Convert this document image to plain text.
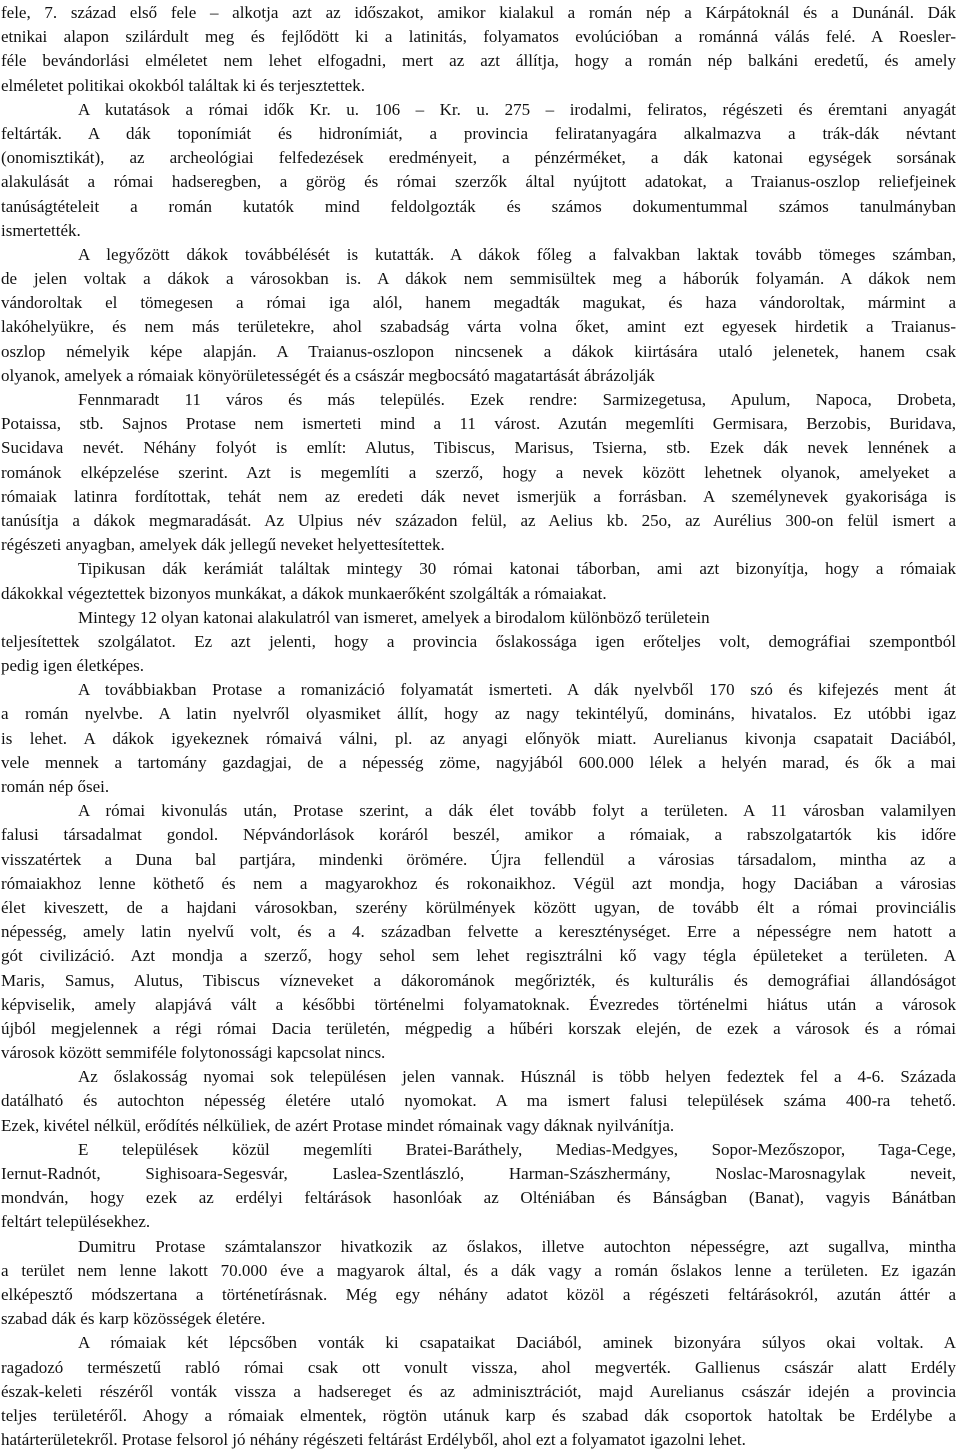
fele, 7. század első fele – alkotja azt az időszakot, amikor kialakul a román nép a Kárpátoknál és a Dunánál. Dák
etnikai alapon szilárdult meg és fejlődött ki a latinitás, folyamatos evolúcióban a románná válás felé. A Roesler-
féle bevándorlási elméletet nem lehet elfogadni, mert az azt állítja, hogy a román nép balkáni eredetű, és amely
elméletet politikai okokból találtak ki és terjesztettek.
A kutatások a római idők Kr. u. 106 – Kr. u. 275 – irodalmi, feliratos, régészeti és éremtani anyagát
feltárták. A dák toponímiát és hidronímiát, a provincia feliratanyagára alkalmazva a trák-dák névtant
(onomisztikát), az archeológiai felfedezések eredményeit, a pénzérméket, a dák katonai egységek sorsának
alakulását a római hadseregben, a görög és római szerzők által nyújtott adatokat, a Traianus-oszlop reliefjeinek
tanúságtételeit a román kutatók mind feldolgozták és számos dokumentummal számos tanulmányban
ismertették.
A legyőzött dákok továbbélését is kutatták. A dákok főleg a falvakban laktak tovább tömeges számban,
de jelen voltak a dákok a városokban is. A dákok nem semmisültek meg a háborúk folyamán. A dákok nem
vándoroltak el tömegesen a római iga alól, hanem megadták magukat, és haza vándoroltak, mármint a
lakóhelyükre, és nem más területekre, ahol szabadság várta volna őket, amint ezt egyesek hirdetik a Traianus-
oszlop némelyik képe alapján. A Traianus-oszlopon nincsenek a dákok kiirtására utaló jelenetek, hanem csak
olyanok, amelyek a rómaiak könyörületességét és a császár megbocsátó magatartását ábrázolják
Fennmaradt 11 város és más település. Ezek rendre: Sarmizegetusa, Apulum, Napoca, Drobeta,
Potaissa, stb. Sajnos Protase nem ismerteti mind a 11 várost. Azután megemlíti Germisara, Berzobis, Buridava,
Sucidava nevét. Néhány folyót is említ: Alutus, Tibiscus, Marisus, Tsierna, stb. Ezek dák nevek lennének a
románok elképzelése szerint. Azt is megemlíti a szerző, hogy a nevek között lehetnek olyanok, amelyeket a
rómaiak latinra fordítottak, tehát nem az eredeti dák nevet ismerjük a forrásban. A személynevek gyakorisága is
tanúsítja a dákok megmaradását. Az Ulpius név századon felül, az Aelius kb. 25o, az Aurélius 300-on felül ismert a
régészeti anyagban, amelyek dák jellegű neveket helyettesítettek.
Tipikusan dák kerámiát találtak mintegy 30 római katonai táborban, ami azt bizonyítja, hogy a rómaiak
dákokkal végeztettek bizonyos munkákat, a dákok munkaerőként szolgálták a rómaiakat.
Mintegy 12 olyan katonai alakulatról van ismeret, amelyek a birodalom különböző területein
teljesítettek szolgálatot. Ez azt jelenti, hogy a provincia őslakossága igen erőteljes volt, demográfiai szempontból
pedig igen életképes.
A továbbiakban Protase a romanizáció folyamatát ismerteti. A dák nyelvből 170 szó és kifejezés ment át
a román nyelvbe. A latin nyelvről olyasmiket állít, hogy az nagy tekintélyű, domináns, hivatalos. Ez utóbbi igaz
is lehet. A dákok igyekeznek rómaivá válni, pl. az anyagi előnyök miatt. Aurelianus kivonja csapatait Daciából,
vele mennek a tartomány gazdagjai, de a népesség zöme, nagyjából 600.000 lélek a helyén marad, és ők a mai
román nép ősei.
A római kivonulás után, Protase szerint, a dák élet tovább folyt a területen. A 11 városban valamilyen
falusi társadalmat gondol. Népvándorlások koráról beszél, amikor a rómaiak, a rabszolgatartók kis időre
visszatértek a Duna bal partjára, mindenki örömére. Újra fellendül a városias társadalom, mintha az a
rómaiakhoz lenne köthető és nem a magyarokhoz és rokonaikhoz. Végül azt mondja, hogy Daciában a városias
élet kiveszett, de a hajdani városokban, szerény körülmények között ugyan, de tovább élt a római provinciális
népesség, amely latin nyelvű volt, és a 4. században felvette a kereszténységet. Erre a népességre nem hatott a
gót civilizáció. Azt mondja a szerző, hogy sehol sem lehet regisztrálni kő vagy tégla épületeket a területen. A
Maris, Samus, Alutus, Tibiscus vízneveket a dákorománok megőrizték, és kulturális és demográfiai állandóságot
képviselik, amely alapjává vált a későbbi történelmi folyamatoknak. Évezredes történelmi hiátus után a városok
újból megjelennek a régi római Dacia területén, mégpedig a hűbéri korszak elején, de ezek a városok és a római
városok között semmiféle folytonossági kapcsolat nincs.
Az őslakosság nyomai sok településen jelen vannak. Húsznál is több helyen fedeztek fel a 4-6. Százada
datálható és autochton népesség életére utaló nyomokat. A ma ismert falusi települések száma 400-ra tehető.
Ezek, kivétel nélkül, erődítés nélküliek, de azért Protase mindet rómainak vagy dáknak nyilvánítja.
E települések közül megemlíti Bratei-Baráthely, Medias-Medgyes, Sopor-Mezőszopor, Taga-Cege,
Iernut-Radnót, Sighisoara-Segesvár, Laslea-Szentlászló, Harman-Szászhermány, Noslac-Marosnagylak neveit,
mondván, hogy ezek az erdélyi feltárások hasonlóak az Olténiában és Bánságban (Banat), vagyis Bánátban
feltárt településekhez.
Dumitru Protase számtalanszor hivatkozik az őslakos, illetve autochton népességre, azt sugallva, mintha
a terület nem lenne lakott 70.000 éve a magyarok által, és a dák vagy a román őslakos lenne a területen. Ez igazán
elképesztő módszertana a történetírásnak. Még egy néhány adatot közöl a régészeti feltárásokról, azután áttér a
szabad dák és karp közösségek életére.
A rómaiak két lépcsőben vonták ki csapataikat Daciából, aminek bizonyára súlyos okai voltak. A
ragadozó természetű rabló római csak ott vonult vissza, ahol megverték. Gallienus császár alatt Erdély
észak-keleti részéről vonták vissza a hadsereget és az adminisztrációt, majd Aurelianus császár idején a provincia
teljes területéről. Ahogy a rómaiak elmentek, rögtön utánuk karp és szabad dák csoportok hatoltak be Erdélybe a
határterületekről. Protase felsorol jó néhány régészeti feltárást Erdélyből, ahol ezt a folyamatot igazolni lehet.
